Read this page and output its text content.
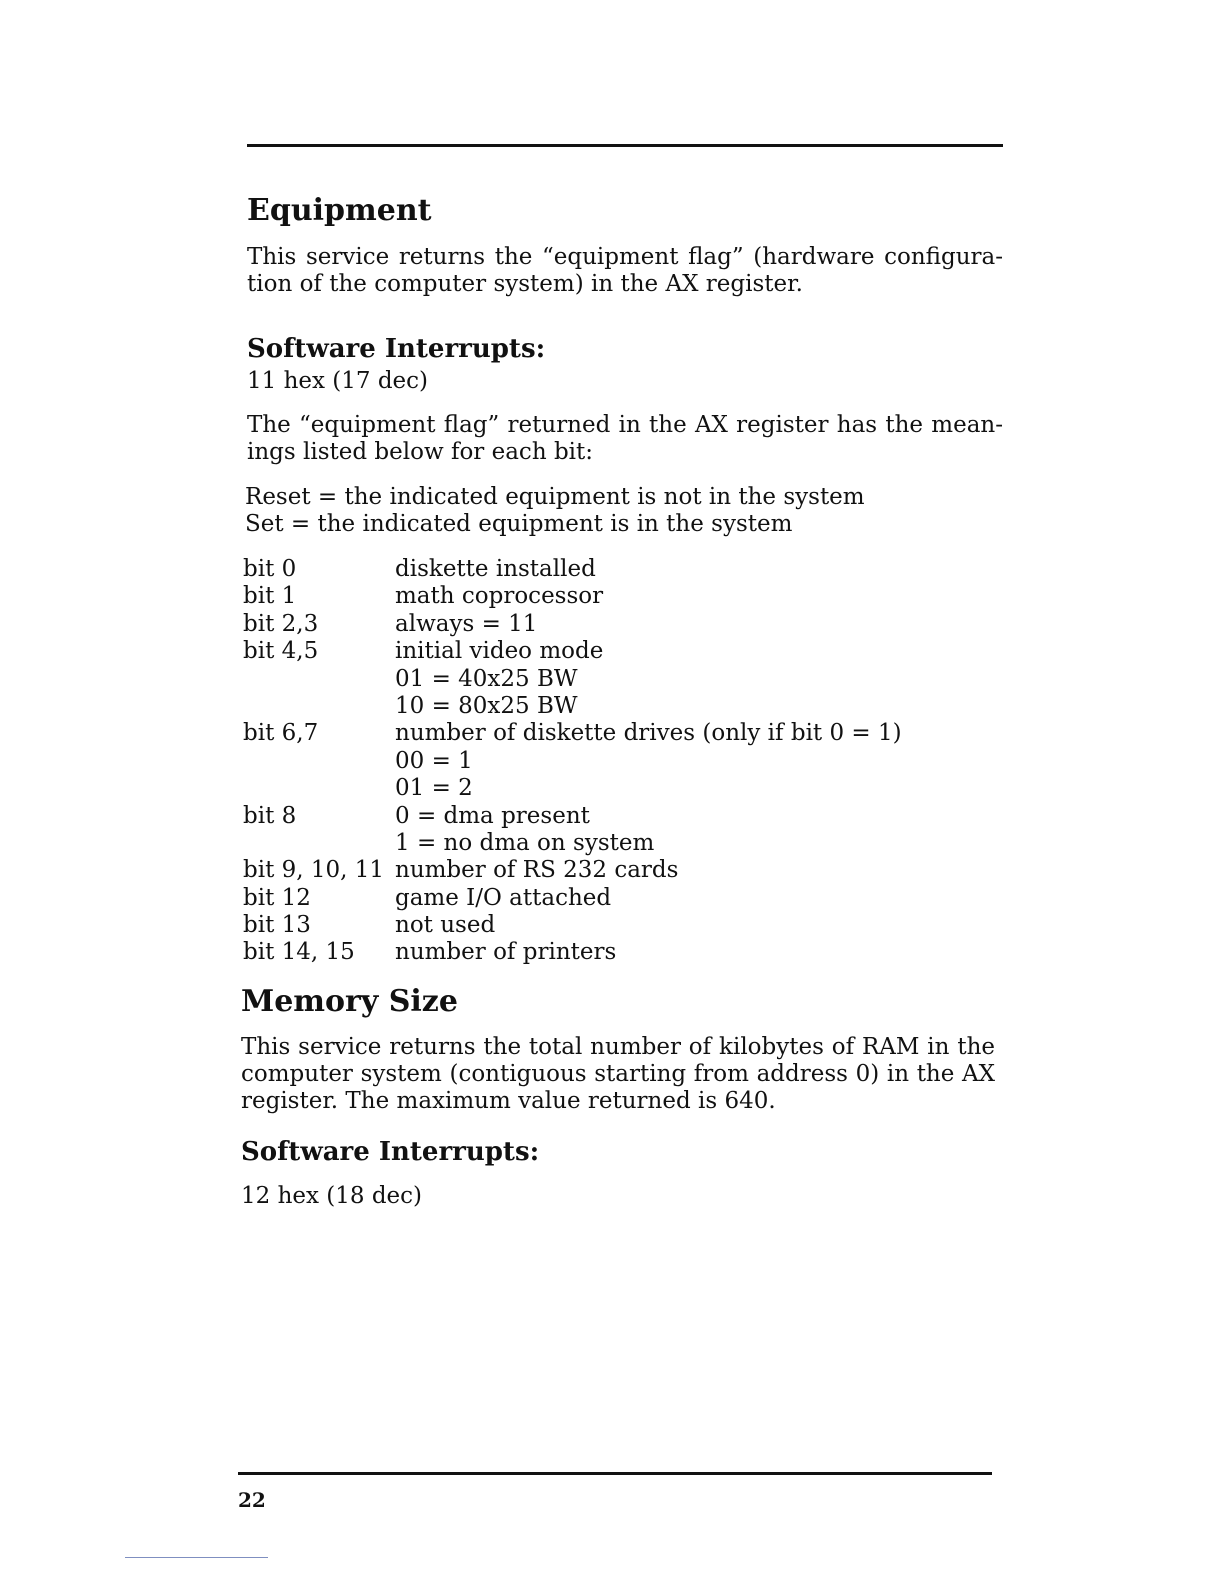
Equipment

This service returns the “equipment flag” (hardware configura-tion of the computer system) in the AX register.

Software Interrupts:

11 hex (17 dec)

The “equipment flag” returned in the AX register has the mean-ings listed below for each bit:

Reset = the indicated equipment is not in the system

Set = the indicated equipment is in the system

bit 0	diskette installed
bit 1	math coprocessor
bit 2,3	always = 11
bit 4,5	initial video mode
01 = 40x25 BW
10 = 80x25 BW
bit 6,7	number of diskette drives (only if bit 0 = 1)
00 = 1
01 = 2
bit 8	0 = dma present
1 = no dma on system
bit 9, 10, 11 number of RS 232 cards
bit 12	game I/O attached
bit 13	not used
bit 14, 15 number of printers
Memory Size

This service returns the total number of kilobytes of RAM in the computer system (contiguous starting from address 0) in the AX register. The maximum value returned is 640.

Software Interrupts:

12 hex (18 dec)

22
